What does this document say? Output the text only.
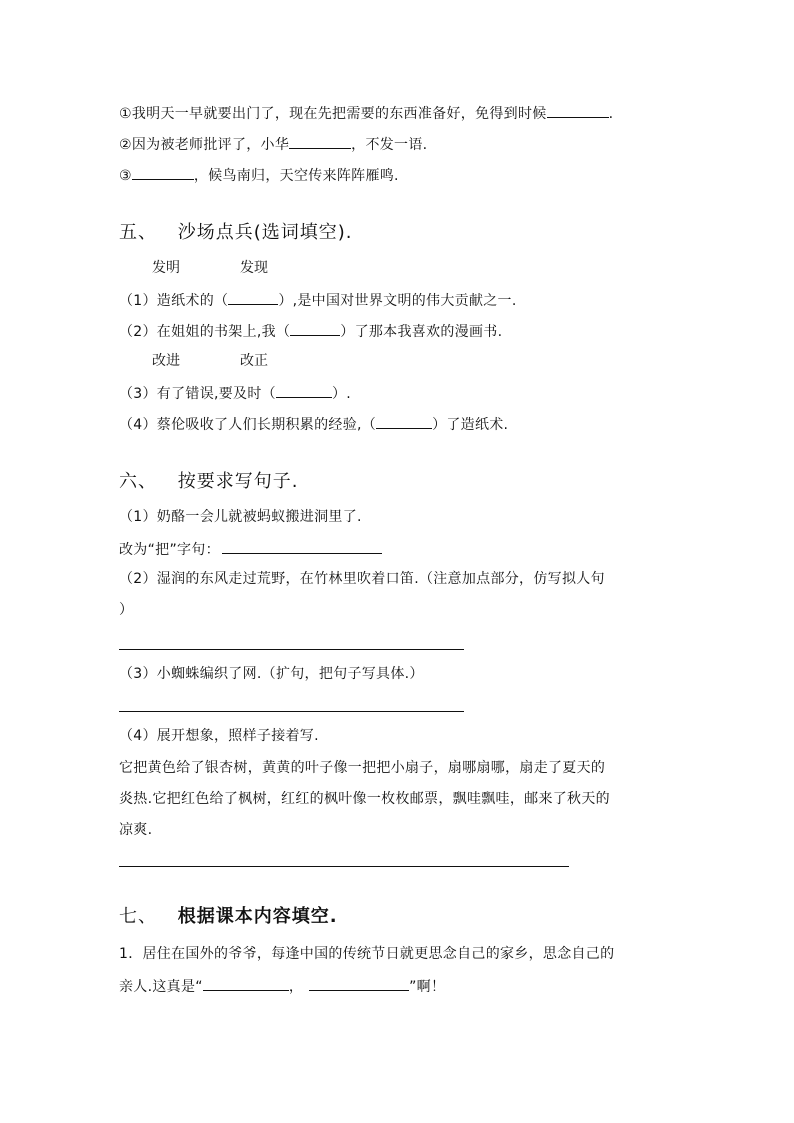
①我明天一早就要出门了，现在先把需要的东西准备好，免得到时候	.
②因为被老师批评了，小华	，不发一语.
③	，候鸟南归，天空传来阵阵雁鸣.
五、 沙场点兵(选词填空).
发明	发现
（1）造纸术的（	）,是中国对世界文明的伟大贡献之一.
（2）在姐姐的书架上,我（	）了那本我喜欢的漫画书.
改进	改正
（3）有了错误,要及时（	）.
（4）蔡伦吸收了人们长期积累的经验,（	）了造纸术.
六、 按要求写句子.
（1）奶酪一会儿就被蚂蚁搬进洞里了.
改为“把”字句：
（2）湿润的东风走过荒野，在竹林里吹着口笛.（注意加点部分，仿写拟人句
）
（3）小蜘蛛编织了网.（扩句，把句子写具体.）
（4）展开想象，照样子接着写.
它把黄色给了银杏树，黄黄的叶子像一把把小扇子，扇哪扇哪，扇走了夏天的
炎热.它把红色给了枫树，红红的枫叶像一枚枚邮票，飘哇飘哇，邮来了秋天的
凉爽.
七、 根据课本内容填空.
1．居住在国外的爷爷，每逢中国的传统节日就更思念自己的家乡，思念自己的
亲人.这真是“	，	”啊！
